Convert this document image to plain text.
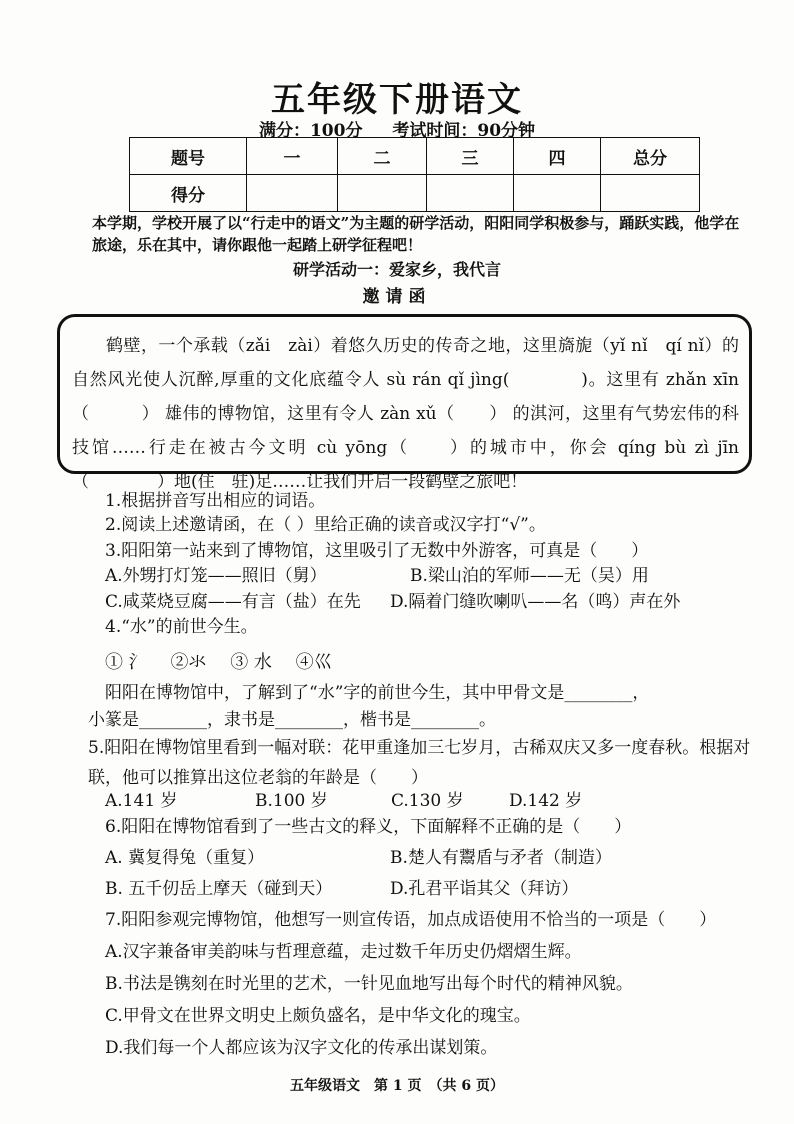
五年级下册语文
满分：100分 考试时间：90分钟
题号	一	二	三	四	总分
得分					
本学期，学校开展了以“行走中的语文”为主题的研学活动，阳阳同学积极参与，踊跃实践，他学在旅途，乐在其中，请你跟他一起踏上研学征程吧！
研学活动一：爱家乡，我代言
邀请函

鹤壁，一个承载（zǎi　zài）着悠久历史的传奇之地，这里旖旎（yǐ nǐ　qí nǐ）的自然风光使人沉醉,厚重的文化底蕴令人 sù rán qǐ jìng(　　　　)。这里有 zhǎn xīn（　　　） 雄伟的博物馆，这里有令人 zàn xǔ（　　） 的淇河，这里有气势宏伟的科技馆……行走在被古今文明 cù yōng（　　）的城市中，你会 qíng bù zì jīn（　　　　）地(住　驻)足……让我们开启一段鹤壁之旅吧！

1.根据拼音写出相应的词语。
2.阅读上述邀请函，在（ ）里给正确的读音或汉字打“√”。
3.阳阳第一站来到了博物馆，这里吸引了无数中外游客，可真是（　　）
A.外甥打灯笼——照旧（舅）	B.梁山泊的军师——无（吴）用
C.咸菜烧豆腐——有言（盐）在先 D.隔着门缝吹喇叭——名（鸣）声在外
4.“水”的前世今生。
① ⺡ ②氺 ③ 水 ④巛
阳阳在博物馆中，了解到了“水”字的前世今生，其中甲骨文是________，
小篆是________，隶书是________，楷书是________。
5.阳阳在博物馆里看到一幅对联：花甲重逢加三七岁月，古稀双庆又多一度春秋。根据对联，他可以推算出这位老翁的年龄是（　　）
A.141 岁	B.100 岁	C.130 岁	D.142 岁
6.阳阳在博物馆看到了一些古文的释义，下面解释不正确的是（　　）
A. 冀复得兔（重复）	B.楚人有鬻盾与矛者（制造）
B. 五千仞岳上摩天（碰到天）	D.孔君平诣其父（拜访）
7.阳阳参观完博物馆，他想写一则宣传语，加点成语使用不恰当的一项是（　　）
A.汉字兼备审美韵味与哲理意蕴，走过数千年历史仍熠熠生辉。
B.书法是镌刻在时光里的艺术，一针见血地写出每个时代的精神风貌。
C.甲骨文在世界文明史上颇负盛名，是中华文化的瑰宝。
D.我们每一个人都应该为汉字文化的传承出谋划策。
五年级语文　第 1 页　（共 6 页）
